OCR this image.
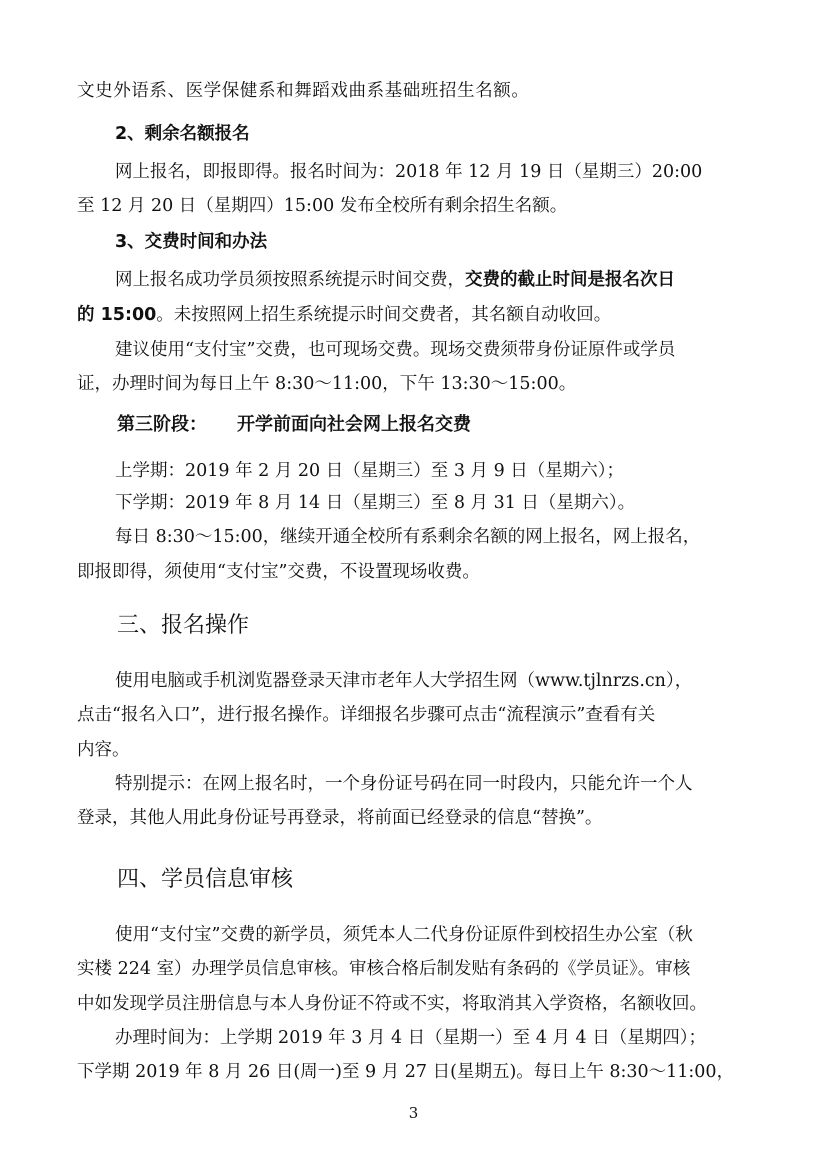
文史外语系、医学保健系和舞蹈戏曲系基础班招生名额。
2、剩余名额报名
网上报名，即报即得。报名时间为：2018 年 12 月 19 日（星期三）20:00
至 12 月 20 日（星期四）15:00 发布全校所有剩余招生名额。
3、交费时间和办法
网上报名成功学员须按照系统提示时间交费，交费的截止时间是报名次日
的 15:00。未按照网上招生系统提示时间交费者，其名额自动收回。
建议使用“支付宝”交费，也可现场交费。现场交费须带身份证原件或学员
证，办理时间为每日上午 8:30～11:00，下午 13:30～15:00。
第三阶段： 开学前面向社会网上报名交费
上学期：2019 年 2 月 20 日（星期三）至 3 月 9 日（星期六）；
下学期：2019 年 8 月 14 日（星期三）至 8 月 31 日（星期六）。
每日 8:30～15:00，继续开通全校所有系剩余名额的网上报名，网上报名，
即报即得，须使用“支付宝”交费，不设置现场收费。
三、报名操作
使用电脑或手机浏览器登录天津市老年人大学招生网（www.tjlnrzs.cn），
点击“报名入口”，进行报名操作。详细报名步骤可点击“流程演示”查看有关
内容。
特别提示：在网上报名时，一个身份证号码在同一时段内，只能允许一个人
登录，其他人用此身份证号再登录，将前面已经登录的信息“替换”。
四、学员信息审核
使用“支付宝”交费的新学员，须凭本人二代身份证原件到校招生办公室（秋
实楼 224 室）办理学员信息审核。审核合格后制发贴有条码的《学员证》。审核
中如发现学员注册信息与本人身份证不符或不实，将取消其入学资格，名额收回。
办理时间为：上学期 2019 年 3 月 4 日（星期一）至 4 月 4 日（星期四）；
下学期 2019 年 8 月 26 日(周一)至 9 月 27 日(星期五)。每日上午 8:30～11:00，
3
